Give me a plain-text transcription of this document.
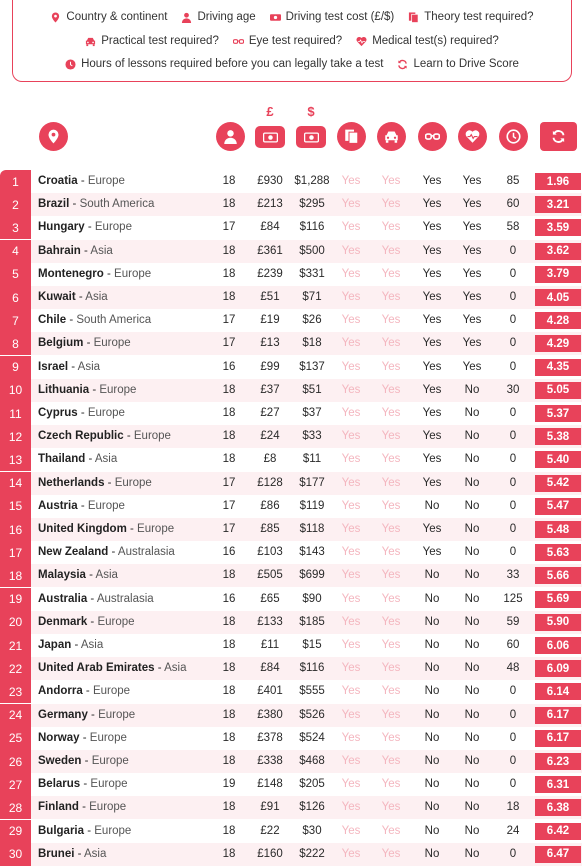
Country & continent	Driving age	Driving test cost (£/$)	Theory test required?
Practical test required?	Eye test required?	Medical test(s) required?
Hours of lessons required before you can legally take a test	Learn to Drive Score
£	$
1	Croatia - Europe	18	£930	$1,288	Yes	Yes	Yes	Yes	85	1.96
2	Brazil - South America	18	£213	$295	Yes	Yes	Yes	Yes	60	3.21
3	Hungary - Europe	17	£84	$116	Yes	Yes	Yes	Yes	58	3.59
4	Bahrain - Asia	18	£361	$500	Yes	Yes	Yes	Yes	0	3.62
5	Montenegro - Europe	18	£239	$331	Yes	Yes	Yes	Yes	0	3.79
6	Kuwait - Asia	18	£51	$71	Yes	Yes	Yes	Yes	0	4.05
7	Chile - South America	17	£19	$26	Yes	Yes	Yes	Yes	0	4.28
8	Belgium - Europe	17	£13	$18	Yes	Yes	Yes	Yes	0	4.29
9	Israel - Asia	16	£99	$137	Yes	Yes	Yes	Yes	0	4.35
10	Lithuania - Europe	18	£37	$51	Yes	Yes	Yes	No	30	5.05
11	Cyprus - Europe	18	£27	$37	Yes	Yes	Yes	No	0	5.37
12	Czech Republic - Europe	18	£24	$33	Yes	Yes	Yes	No	0	5.38
13	Thailand - Asia	18	£8	$11	Yes	Yes	Yes	No	0	5.40
14	Netherlands - Europe	17	£128	$177	Yes	Yes	Yes	No	0	5.42
15	Austria - Europe	17	£86	$119	Yes	Yes	No	No	0	5.47
16	United Kingdom - Europe	17	£85	$118	Yes	Yes	Yes	No	0	5.48
17	New Zealand - Australasia	16	£103	$143	Yes	Yes	Yes	No	0	5.63
18	Malaysia - Asia	18	£505	$699	Yes	Yes	No	No	33	5.66
19	Australia - Australasia	16	£65	$90	Yes	Yes	No	No	125	5.69
20	Denmark - Europe	18	£133	$185	Yes	Yes	No	No	59	5.90
21	Japan - Asia	18	£11	$15	Yes	Yes	No	No	60	6.06
22	United Arab Emirates - Asia	18	£84	$116	Yes	Yes	No	No	48	6.09
23	Andorra - Europe	18	£401	$555	Yes	Yes	No	No	0	6.14
24	Germany - Europe	18	£380	$526	Yes	Yes	No	No	0	6.17
25	Norway - Europe	18	£378	$524	Yes	Yes	No	No	0	6.17
26	Sweden - Europe	18	£338	$468	Yes	Yes	No	No	0	6.23
27	Belarus - Europe	19	£148	$205	Yes	Yes	No	No	0	6.31
28	Finland - Europe	18	£91	$126	Yes	Yes	No	No	18	6.38
29	Bulgaria - Europe	18	£22	$30	Yes	Yes	No	No	24	6.42
30	Brunei - Asia	18	£160	$222	Yes	Yes	No	No	0	6.47
